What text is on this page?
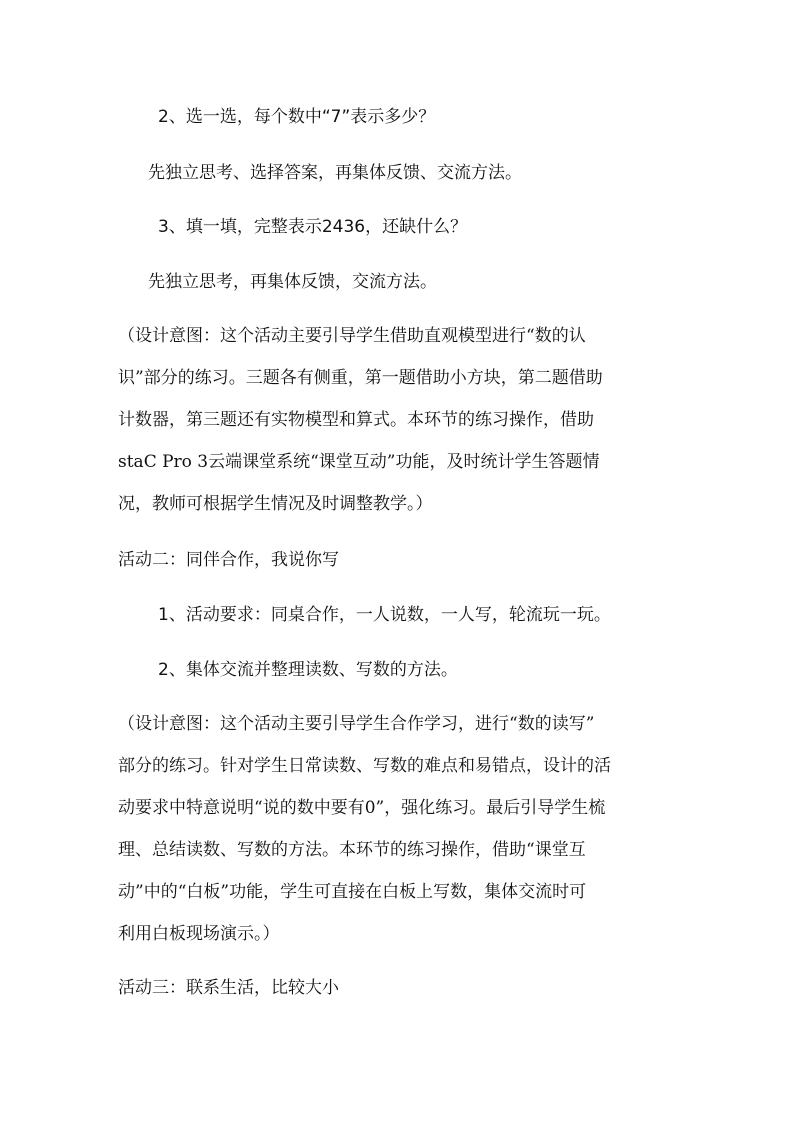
2、选一选，每个数中“7”表示多少？
先独立思考、选择答案，再集体反馈、交流方法。
3、填一填，完整表示2436，还缺什么？
先独立思考，再集体反馈，交流方法。
（设计意图：这个活动主要引导学生借助直观模型进行“数的认
识”部分的练习。三题各有侧重，第一题借助小方块，第二题借助
计数器，第三题还有实物模型和算式。本环节的练习操作，借助
staC Pro 3云端课堂系统“课堂互动”功能，及时统计学生答题情
况，教师可根据学生情况及时调整教学。）
活动二：同伴合作，我说你写
1、活动要求：同桌合作，一人说数，一人写，轮流玩一玩。
2、集体交流并整理读数、写数的方法。
（设计意图：这个活动主要引导学生合作学习，进行“数的读写”
部分的练习。针对学生日常读数、写数的难点和易错点，设计的活
动要求中特意说明“说的数中要有0”，强化练习。最后引导学生梳
理、总结读数、写数的方法。本环节的练习操作，借助“课堂互
动”中的“白板”功能，学生可直接在白板上写数，集体交流时可
利用白板现场演示。）
活动三：联系生活，比较大小
